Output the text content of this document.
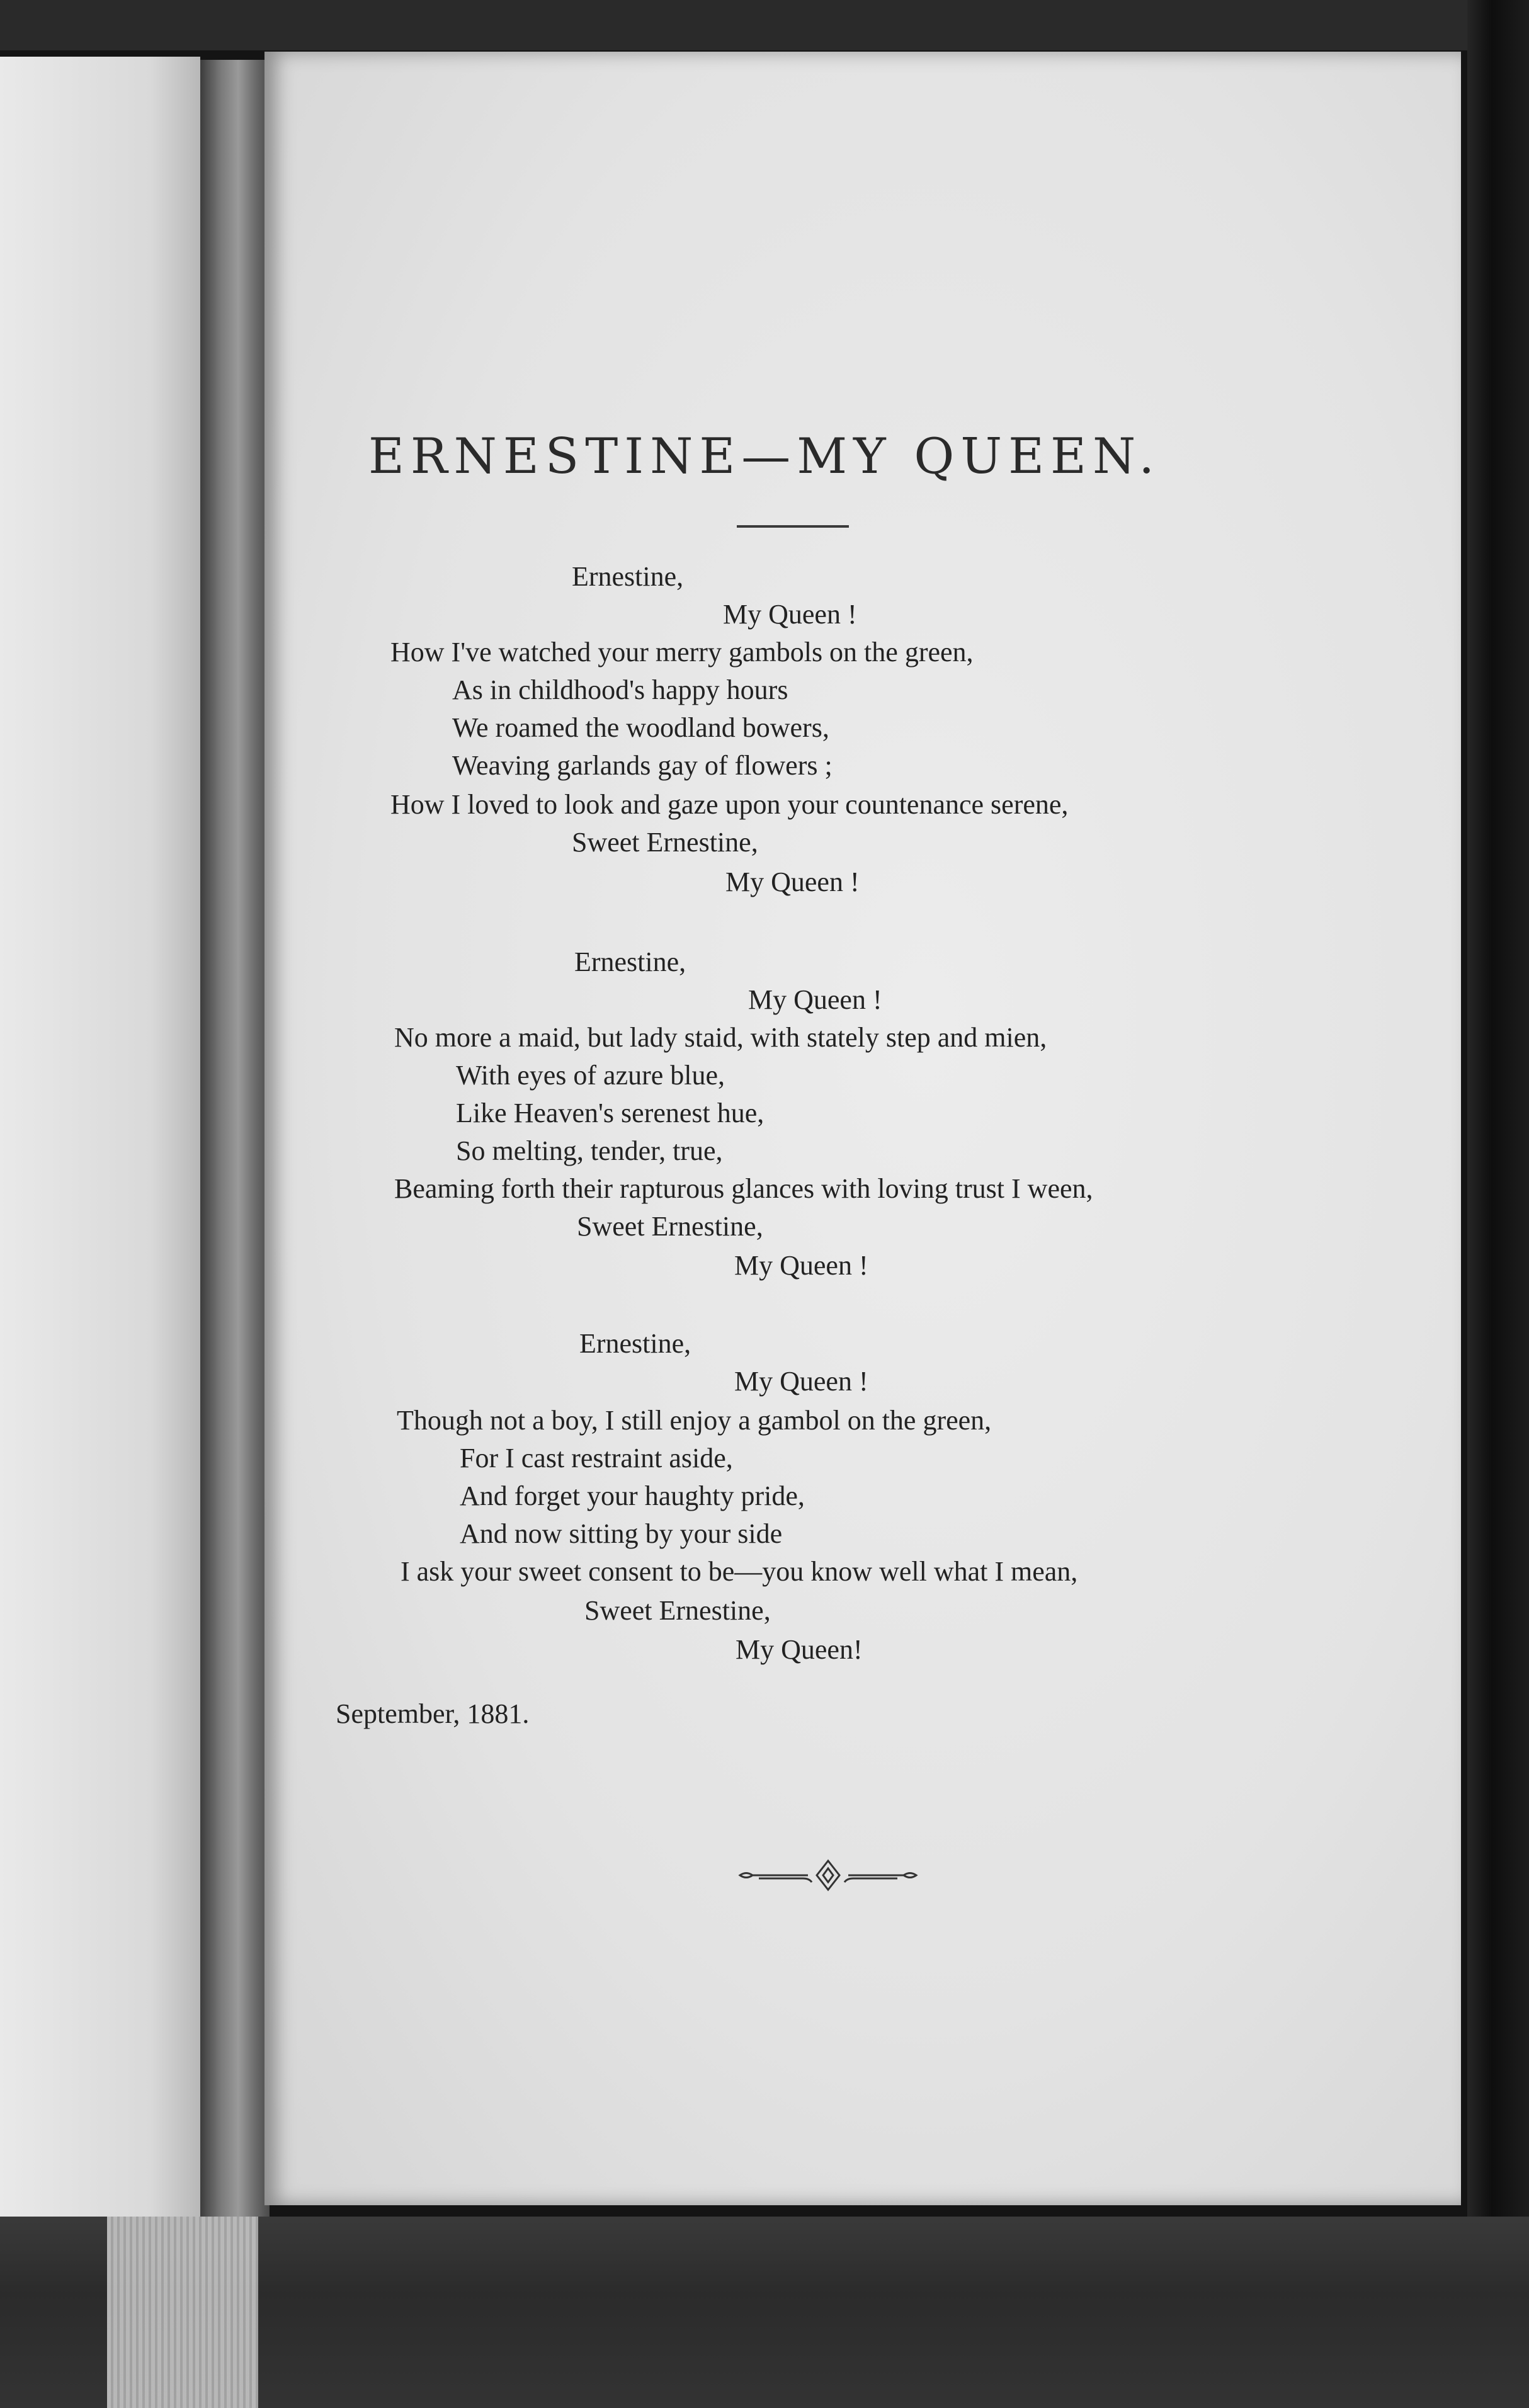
ERNESTINE—MY QUEEN.
Ernestine,
My Queen !
How I've watched your merry gambols on the green,
As in childhood's happy hours
We roamed the woodland bowers,
Weaving garlands gay of flowers ;
How I loved to look and gaze upon your countenance serene,
Sweet Ernestine,
My Queen !
Ernestine,
My Queen !
No more a maid, but lady staid, with stately step and mien,
With eyes of azure blue,
Like Heaven's serenest hue,
So melting, tender, true,
Beaming forth their rapturous glances with loving trust I ween,
Sweet Ernestine,
My Queen !
Ernestine,
My Queen !
Though not a boy, I still enjoy a gambol on the green,
For I cast restraint aside,
And forget your haughty pride,
And now sitting by your side
I ask your sweet consent to be—you know well what I mean,
Sweet Ernestine,
My Queen!
September, 1881.
